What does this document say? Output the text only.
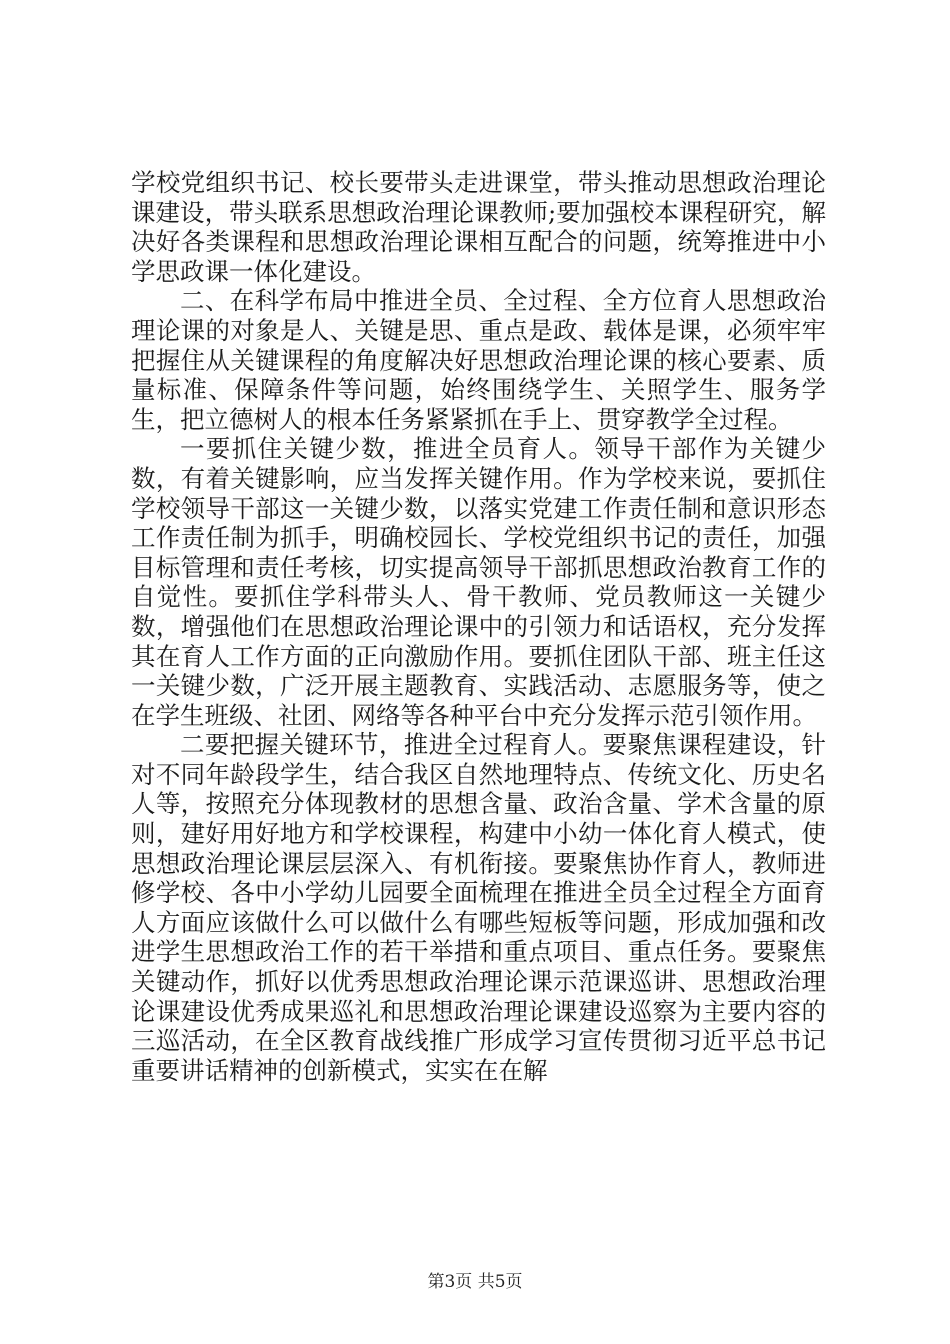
学校党组织书记、校长要带头走进课堂，带头推动思想政治理论课建设，带头联系思想政治理论课教师;要加强校本课程研究，解决好各类课程和思想政治理论课相互配合的问题，统筹推进中小学思政课一体化建设。

二、在科学布局中推进全员、全过程、全方位育人思想政治理论课的对象是人、关键是思、重点是政、载体是课，必须牢牢把握住从关键课程的角度解决好思想政治理论课的核心要素、质量标准、保障条件等问题，始终围绕学生、关照学生、服务学生，把立德树人的根本任务紧紧抓在手上、贯穿教学全过程。

一要抓住关键少数，推进全员育人。领导干部作为关键少数，有着关键影响，应当发挥关键作用。作为学校来说，要抓住学校领导干部这一关键少数，以落实党建工作责任制和意识形态工作责任制为抓手，明确校园长、学校党组织书记的责任，加强目标管理和责任考核，切实提高领导干部抓思想政治教育工作的自觉性。要抓住学科带头人、骨干教师、党员教师这一关键少数，增强他们在思想政治理论课中的引领力和话语权，充分发挥其在育人工作方面的正向激励作用。要抓住团队干部、班主任这一关键少数，广泛开展主题教育、实践活动、志愿服务等，使之在学生班级、社团、网络等各种平台中充分发挥示范引领作用。

二要把握关键环节，推进全过程育人。要聚焦课程建设，针对不同年龄段学生，结合我区自然地理特点、传统文化、历史名人等，按照充分体现教材的思想含量、政治含量、学术含量的原则，建好用好地方和学校课程，构建中小幼一体化育人模式，使思想政治理论课层层深入、有机衔接。要聚焦协作育人，教师进修学校、各中小学幼儿园要全面梳理在推进全员全过程全方面育人方面应该做什么可以做什么有哪些短板等问题，形成加强和改进学生思想政治工作的若干举措和重点项目、重点任务。要聚焦关键动作，抓好以优秀思想政治理论课示范课巡讲、思想政治理论课建设优秀成果巡礼和思想政治理论课建设巡察为主要内容的三巡活动，在全区教育战线推广形成学习宣传贯彻习近平总书记重要讲话精神的创新模式，实实在在解

第3页 共5页
